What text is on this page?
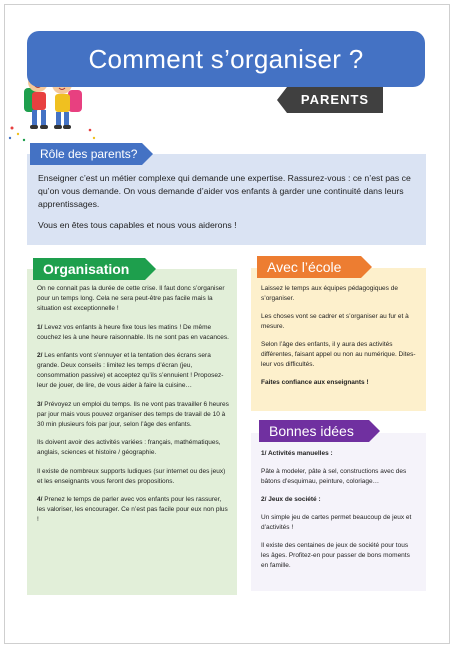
Comment s’organiser ?
PARENTS

Enseigner c’est un métier complexe qui demande une expertise. Rassurez-vous : ce n’est pas ce qu’on vous demande. On vous demande d’aider vos enfants à garder une continuité dans leurs apprentissages.

Vous en êtes tous capables et nous vous aiderons !

Rôle des parents?

On ne connait pas la durée de cette crise. Il faut donc s’organiser pour un temps long. Cela ne sera peut-être pas facile mais la situation est exceptionnelle !

1/ Levez vos enfants à heure fixe tous les matins ! De même couchez les à une heure raisonnable. Ils ne sont pas en vacances.

2/ Les enfants vont s’ennuyer et la tentation des écrans sera grande. Deux conseils : limitez les temps d’écran (jeu, consommation passive) et acceptez qu’ils s’ennuient ! Proposez-leur de jouer, de lire, de vous aider à faire la cuisine…

3/ Prévoyez un emploi du temps. Ils ne vont pas travailler 6 heures par jour mais vous pouvez organiser des temps de travail de 10 à 30 min plusieurs fois par jour, selon l’âge des enfants.

Ils doivent avoir des activités variées : français, mathématiques, anglais, sciences et histoire / géographie.

Il existe de nombreux supports ludiques (sur internet ou des jeux) et les enseignants vous feront des propositions.

4/ Prenez le temps de parler avec vos enfants pour les rassurer, les valoriser, les encourager. Ce n’est pas facile pour eux non plus !

Organisation

Laissez le temps aux équipes pédagogiques de s’organiser.

Les choses vont se cadrer et s’organiser au fur et à mesure.

Selon l’âge des enfants, il y aura des activités différentes, faisant appel ou non au numérique. Dites-leur vos difficultés.

Faites confiance aux enseignants !

Avec l’école

1/ Activités manuelles :

Pâte à modeler, pâte à sel, constructions avec des bâtons d’esquimau, peinture, coloriage…

2/ Jeux de société :

Un simple jeu de cartes permet beaucoup de jeux et d’activités !

Il existe des centaines de jeux de société pour tous les âges. Profitez-en pour passer de bons moments en famille.

Bonnes idées
